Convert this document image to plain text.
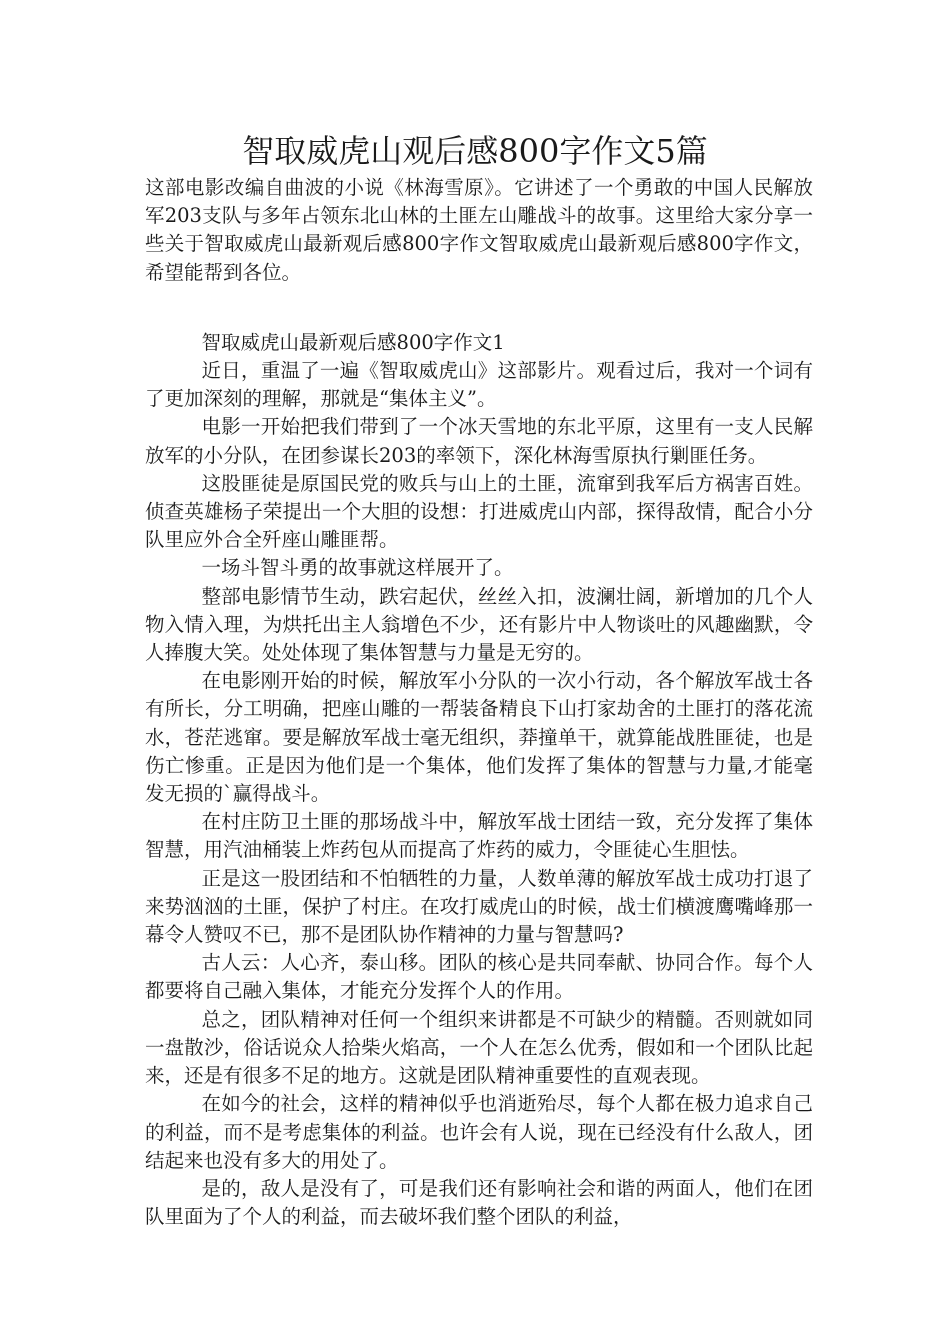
智取威虎山观后感800字作文5篇

这部电影改编自曲波的小说《林海雪原》。它讲述了一个勇敢的中国人民解放军203支队与多年占领东北山林的土匪左山雕战斗的故事。这里给大家分享一些关于智取威虎山最新观后感800字作文智取威虎山最新观后感800字作文，希望能帮到各位。

智取威虎山最新观后感800字作文1

近日，重温了一遍《智取威虎山》这部影片。观看过后，我对一个词有了更加深刻的理解，那就是“集体主义”。

电影一开始把我们带到了一个冰天雪地的东北平原，这里有一支人民解放军的小分队，在团参谋长203的率领下，深化林海雪原执行剿匪任务。

这股匪徒是原国民党的败兵与山上的土匪，流窜到我军后方祸害百姓。侦查英雄杨子荣提出一个大胆的设想：打进威虎山内部，探得敌情，配合小分队里应外合全歼座山雕匪帮。

一场斗智斗勇的故事就这样展开了。

整部电影情节生动，跌宕起伏，丝丝入扣，波澜壮阔，新增加的几个人物入情入理，为烘托出主人翁增色不少，还有影片中人物谈吐的风趣幽默，令人捧腹大笑。处处体现了集体智慧与力量是无穷的。

在电影刚开始的时候，解放军小分队的一次小行动，各个解放军战士各有所长，分工明确，把座山雕的一帮装备精良下山打家劫舍的土匪打的落花流水，苍茫逃窜。要是解放军战士毫无组织，莽撞单干，就算能战胜匪徒，也是伤亡惨重。正是因为他们是一个集体，他们发挥了集体的智慧与力量,才能毫发无损的`赢得战斗。

在村庄防卫土匪的那场战斗中，解放军战士团结一致，充分发挥了集体智慧，用汽油桶装上炸药包从而提高了炸药的威力，令匪徒心生胆怯。

正是这一股团结和不怕牺牲的力量，人数单薄的解放军战士成功打退了来势汹汹的土匪，保护了村庄。在攻打威虎山的时候，战士们横渡鹰嘴峰那一幕令人赞叹不已，那不是团队协作精神的力量与智慧吗?

古人云：人心齐，泰山移。团队的核心是共同奉献、协同合作。每个人都要将自己融入集体，才能充分发挥个人的作用。

总之，团队精神对任何一个组织来讲都是不可缺少的精髓。否则就如同一盘散沙，俗话说众人拾柴火焰高，一个人在怎么优秀，假如和一个团队比起来，还是有很多不足的地方。这就是团队精神重要性的直观表现。

在如今的社会，这样的精神似乎也消逝殆尽，每个人都在极力追求自己的利益，而不是考虑集体的利益。也许会有人说，现在已经没有什么敌人，团结起来也没有多大的用处了。

是的，敌人是没有了，可是我们还有影响社会和谐的两面人，他们在团队里面为了个人的利益，而去破坏我们整个团队的利益，
